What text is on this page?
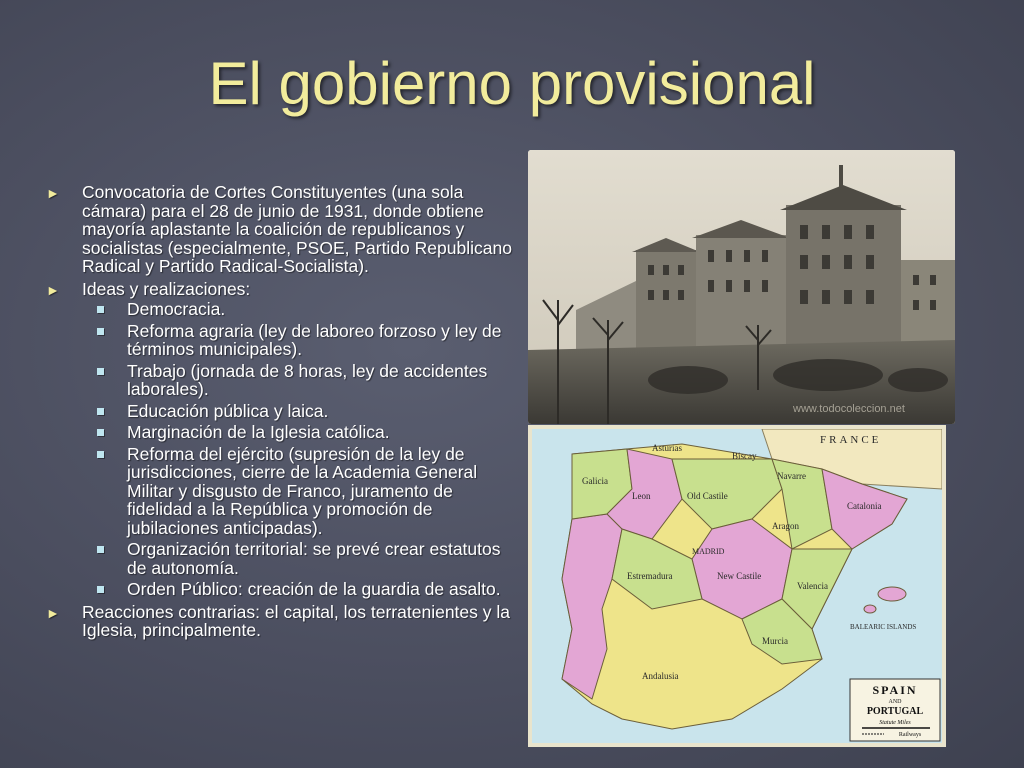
El gobierno provisional
► Convocatoria de Cortes Constituyentes (una sola cámara) para el 28 de junio de 1931, donde obtiene mayoría aplastante la coalición de republicanos y socialistas (especialmente, PSOE, Partido Republicano Radical y Partido Radical-Socialista).
► Ideas y realizaciones:
Democracia.
Reforma agraria (ley de laboreo forzoso y ley de términos municipales).
Trabajo (jornada de 8 horas, ley de accidentes laborales).
Educación pública y laica.
Marginación de la Iglesia católica.
Reforma del ejército (supresión de la ley de jurisdicciones, cierre de la Academia General Militar y disgusto de Franco, juramento de fidelidad a la República y promoción de jubilaciones anticipadas).
Organización territorial: se prevé crear estatutos de autonomía.
Orden Público: creación de la guardia de asalto.
► Reacciones contrarias: el capital, los terratenientes y la Iglesia, principalmente.
www.todocoleccion.net
FRANCE
Galicia
Leon	Old Castile
Asturias
Biscay
Navarre
Aragon
Catalonia
New Castile
Estremadura
Valencia
Murcia
Andalusia
BALEARIC ISLANDS
MADRID
SPAIN
AND
PORTUGAL
Statute Miles
Railways
